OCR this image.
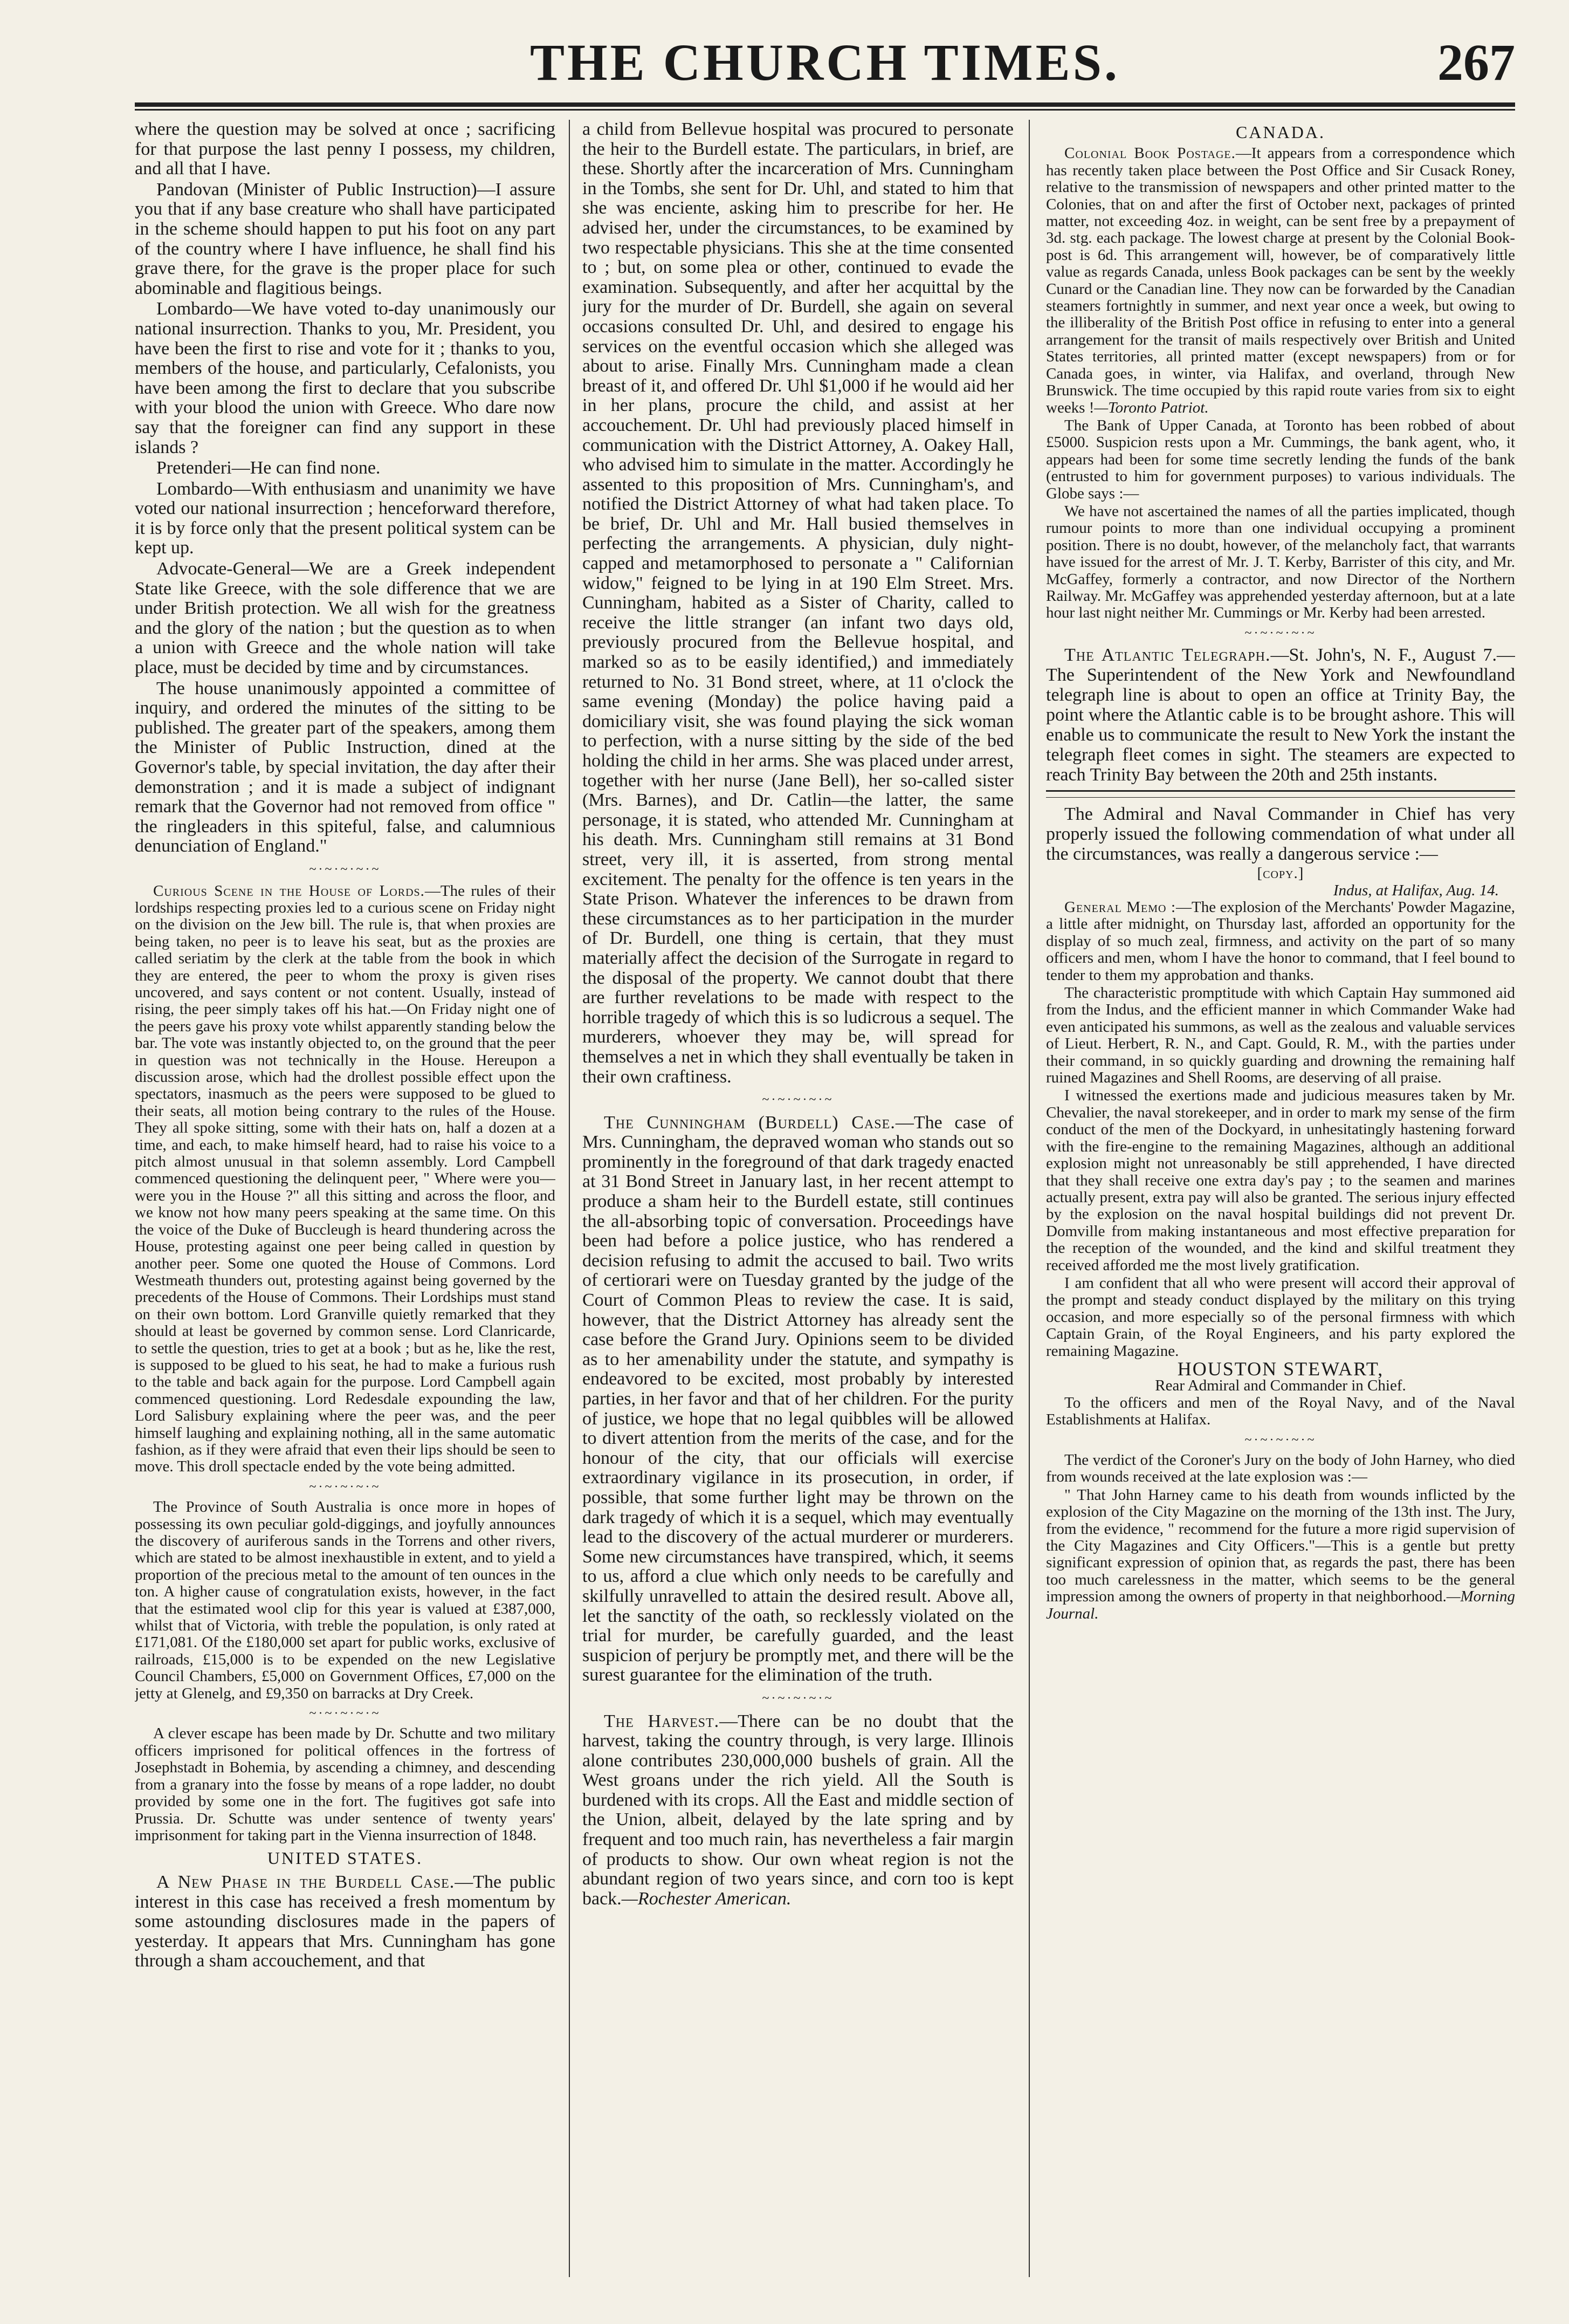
THE CHURCH TIMES.	267

where the question may be solved at once ; sacrificing for that purpose the last penny I possess, my children, and all that I have.

Pandovan (Minister of Public Instruction)—I assure you that if any base creature who shall have participated in the scheme should happen to put his foot on any part of the country where I have influence, he shall find his grave there, for the grave is the proper place for such abominable and flagitious beings.

Lombardo—We have voted to-day unanimously our national insurrection. Thanks to you, Mr. President, you have been the first to rise and vote for it ; thanks to you, members of the house, and particularly, Cefalonists, you have been among the first to declare that you subscribe with your blood the union with Greece. Who dare now say that the foreigner can find any support in these islands ?

Pretenderi—He can find none.

Lombardo—With enthusiasm and unanimity we have voted our national insurrection ; henceforward therefore, it is by force only that the present political system can be kept up.

Advocate-General—We are a Greek independent State like Greece, with the sole difference that we are under British protection. We all wish for the greatness and the glory of the nation ; but the question as to when a union with Greece and the whole nation will take place, must be decided by time and by circumstances.

The house unanimously appointed a committee of inquiry, and ordered the minutes of the sitting to be published. The greater part of the speakers, among them the Minister of Public Instruction, dined at the Governor's table, by special invitation, the day after their demonstration ; and it is made a subject of indignant remark that the Governor had not removed from office " the ringleaders in this spiteful, false, and calumnious denunciation of England."

~·~·~·~·~

Curious Scene in the House of Lords.—The rules of their lordships respecting proxies led to a curious scene on Friday night on the division on the Jew bill. The rule is, that when proxies are being taken, no peer is to leave his seat, but as the proxies are called seriatim by the clerk at the table from the book in which they are entered, the peer to whom the proxy is given rises uncovered, and says content or not content. Usually, instead of rising, the peer simply takes off his hat.—On Friday night one of the peers gave his proxy vote whilst apparently standing below the bar. The vote was instantly objected to, on the ground that the peer in question was not technically in the House. Hereupon a discussion arose, which had the drollest possible effect upon the spectators, inasmuch as the peers were supposed to be glued to their seats, all motion being contrary to the rules of the House. They all spoke sitting, some with their hats on, half a dozen at a time, and each, to make himself heard, had to raise his voice to a pitch almost unusual in that solemn assembly. Lord Campbell commenced questioning the delinquent peer, " Where were you—were you in the House ?" all this sitting and across the floor, and we know not how many peers speaking at the same time. On this the voice of the Duke of Buccleugh is heard thundering across the House, protesting against one peer being called in question by another peer. Some one quoted the House of Commons. Lord Westmeath thunders out, protesting against being governed by the precedents of the House of Commons. Their Lordships must stand on their own bottom. Lord Granville quietly remarked that they should at least be governed by common sense. Lord Clanricarde, to settle the question, tries to get at a book ; but as he, like the rest, is supposed to be glued to his seat, he had to make a furious rush to the table and back again for the purpose. Lord Campbell again commenced questioning. Lord Redesdale expounding the law, Lord Salisbury explaining where the peer was, and the peer himself laughing and explaining nothing, all in the same automatic fashion, as if they were afraid that even their lips should be seen to move. This droll spectacle ended by the vote being admitted.

~·~·~·~·~

The Province of South Australia is once more in hopes of possessing its own peculiar gold-diggings, and joyfully announces the discovery of auriferous sands in the Torrens and other rivers, which are stated to be almost inexhaustible in extent, and to yield a proportion of the precious metal to the amount of ten ounces in the ton. A higher cause of congratulation exists, however, in the fact that the estimated wool clip for this year is valued at £387,000, whilst that of Victoria, with treble the population, is only rated at £171,081. Of the £180,000 set apart for public works, exclusive of railroads, £15,000 is to be expended on the new Legislative Council Chambers, £5,000 on Government Offices, £7,000 on the jetty at Glenelg, and £9,350 on barracks at Dry Creek.

~·~·~·~·~

A clever escape has been made by Dr. Schutte and two military officers imprisoned for political offences in the fortress of Josephstadt in Bohemia, by ascending a chimney, and descending from a granary into the fosse by means of a rope ladder, no doubt provided by some one in the fort. The fugitives got safe into Prussia. Dr. Schutte was under sentence of twenty years' imprisonment for taking part in the Vienna insurrection of 1848.

UNITED STATES.

A New Phase in the Burdell Case.—The public interest in this case has received a fresh momentum by some astounding disclosures made in the papers of yesterday. It appears that Mrs. Cunningham has gone through a sham accouchement, and that

a child from Bellevue hospital was procured to personate the heir to the Burdell estate. The particulars, in brief, are these. Shortly after the incarceration of Mrs. Cunningham in the Tombs, she sent for Dr. Uhl, and stated to him that she was enciente, asking him to prescribe for her. He advised her, under the circumstances, to be examined by two respectable physicians. This she at the time consented to ; but, on some plea or other, continued to evade the examination. Subsequently, and after her acquittal by the jury for the murder of Dr. Burdell, she again on several occasions consulted Dr. Uhl, and desired to engage his services on the eventful occasion which she alleged was about to arise. Finally Mrs. Cunningham made a clean breast of it, and offered Dr. Uhl $1,000 if he would aid her in her plans, procure the child, and assist at her accouchement. Dr. Uhl had previously placed himself in communication with the District Attorney, A. Oakey Hall, who advised him to simulate in the matter. Accordingly he assented to this proposition of Mrs. Cunningham's, and notified the District Attorney of what had taken place. To be brief, Dr. Uhl and Mr. Hall busied themselves in perfecting the arrangements. A physician, duly night-capped and metamorphosed to personate a " Californian widow," feigned to be lying in at 190 Elm Street. Mrs. Cunningham, habited as a Sister of Charity, called to receive the little stranger (an infant two days old, previously procured from the Bellevue hospital, and marked so as to be easily identified,) and immediately returned to No. 31 Bond street, where, at 11 o'clock the same evening (Monday) the police having paid a domiciliary visit, she was found playing the sick woman to perfection, with a nurse sitting by the side of the bed holding the child in her arms. She was placed under arrest, together with her nurse (Jane Bell), her so-called sister (Mrs. Barnes), and Dr. Catlin—the latter, the same personage, it is stated, who attended Mr. Cunningham at his death. Mrs. Cunningham still remains at 31 Bond street, very ill, it is asserted, from strong mental excitement. The penalty for the offence is ten years in the State Prison. Whatever the inferences to be drawn from these circumstances as to her participation in the murder of Dr. Burdell, one thing is certain, that they must materially affect the decision of the Surrogate in regard to the disposal of the property. We cannot doubt that there are further revelations to be made with respect to the horrible tragedy of which this is so ludicrous a sequel. The murderers, whoever they may be, will spread for themselves a net in which they shall eventually be taken in their own craftiness.

~·~·~·~·~

The Cunningham (Burdell) Case.—The case of Mrs. Cunningham, the depraved woman who stands out so prominently in the foreground of that dark tragedy enacted at 31 Bond Street in January last, in her recent attempt to produce a sham heir to the Burdell estate, still continues the all-absorbing topic of conversation. Proceedings have been had before a police justice, who has rendered a decision refusing to admit the accused to bail. Two writs of certiorari were on Tuesday granted by the judge of the Court of Common Pleas to review the case. It is said, however, that the District Attorney has already sent the case before the Grand Jury. Opinions seem to be divided as to her amenability under the statute, and sympathy is endeavored to be excited, most probably by interested parties, in her favor and that of her children. For the purity of justice, we hope that no legal quibbles will be allowed to divert attention from the merits of the case, and for the honour of the city, that our officials will exercise extraordinary vigilance in its prosecution, in order, if possible, that some further light may be thrown on the dark tragedy of which it is a sequel, which may eventually lead to the discovery of the actual murderer or murderers. Some new circumstances have transpired, which, it seems to us, afford a clue which only needs to be carefully and skilfully unravelled to attain the desired result. Above all, let the sanctity of the oath, so recklessly violated on the trial for murder, be carefully guarded, and the least suspicion of perjury be promptly met, and there will be the surest guarantee for the elimination of the truth.

~·~·~·~·~

The Harvest.—There can be no doubt that the harvest, taking the country through, is very large. Illinois alone contributes 230,000,000 bushels of grain. All the West groans under the rich yield. All the South is burdened with its crops. All the East and middle section of the Union, albeit, delayed by the late spring and by frequent and too much rain, has nevertheless a fair margin of products to show. Our own wheat region is not the abundant region of two years since, and corn too is kept back.—Rochester American.

CANADA.

Colonial Book Postage.—It appears from a correspondence which has recently taken place between the Post Office and Sir Cusack Roney, relative to the transmission of newspapers and other printed matter to the Colonies, that on and after the first of October next, packages of printed matter, not exceeding 4oz. in weight, can be sent free by a prepayment of 3d. stg. each package. The lowest charge at present by the Colonial Book-post is 6d. This arrangement will, however, be of comparatively little value as regards Canada, unless Book packages can be sent by the weekly Cunard or the Canadian line. They now can be forwarded by the Canadian steamers fortnightly in summer, and next year once a week, but owing to the illiberality of the British Post office in refusing to enter into a general arrangement for the transit of mails respectively over British and United States territories, all printed matter (except newspapers) from or for Canada goes, in winter, via Halifax, and overland, through New Brunswick. The time occupied by this rapid route varies from six to eight weeks !—Toronto Patriot.

The Bank of Upper Canada, at Toronto has been robbed of about £5000. Suspicion rests upon a Mr. Cummings, the bank agent, who, it appears had been for some time secretly lending the funds of the bank (entrusted to him for government purposes) to various individuals. The Globe says :—

We have not ascertained the names of all the parties implicated, though rumour points to more than one individual occupying a prominent position. There is no doubt, however, of the melancholy fact, that warrants have issued for the arrest of Mr. J. T. Kerby, Barrister of this city, and Mr. McGaffey, formerly a contractor, and now Director of the Northern Railway. Mr. McGaffey was apprehended yesterday afternoon, but at a late hour last night neither Mr. Cummings or Mr. Kerby had been arrested.

~·~·~·~·~

The Atlantic Telegraph.—St. John's, N. F., August 7.—The Superintendent of the New York and Newfoundland telegraph line is about to open an office at Trinity Bay, the point where the Atlantic cable is to be brought ashore. This will enable us to communicate the result to New York the instant the telegraph fleet comes in sight. The steamers are expected to reach Trinity Bay between the 20th and 25th instants.

The Admiral and Naval Commander in Chief has very properly issued the following commendation of what under all the circumstances, was really a dangerous service :—

[copy.]
Indus, at Halifax, Aug. 14.

General Memo :—The explosion of the Merchants' Powder Magazine, a little after midnight, on Thursday last, afforded an opportunity for the display of so much zeal, firmness, and activity on the part of so many officers and men, whom I have the honor to command, that I feel bound to tender to them my approbation and thanks.

The characteristic promptitude with which Captain Hay summoned aid from the Indus, and the efficient manner in which Commander Wake had even anticipated his summons, as well as the zealous and valuable services of Lieut. Herbert, R. N., and Capt. Gould, R. M., with the parties under their command, in so quickly guarding and drowning the remaining half ruined Magazines and Shell Rooms, are deserving of all praise.

I witnessed the exertions made and judicious measures taken by Mr. Chevalier, the naval storekeeper, and in order to mark my sense of the firm conduct of the men of the Dockyard, in unhesitatingly hastening forward with the fire-engine to the remaining Magazines, although an additional explosion might not unreasonably be still apprehended, I have directed that they shall receive one extra day's pay ; to the seamen and marines actually present, extra pay will also be granted. The serious injury effected by the explosion on the naval hospital buildings did not prevent Dr. Domville from making instantaneous and most effective preparation for the reception of the wounded, and the kind and skilful treatment they received afforded me the most lively gratification.

I am confident that all who were present will accord their approval of the prompt and steady conduct displayed by the military on this trying occasion, and more especially so of the personal firmness with which Captain Grain, of the Royal Engineers, and his party explored the remaining Magazine.

HOUSTON STEWART,
Rear Admiral and Commander in Chief.

To the officers and men of the Royal Navy, and of the Naval Establishments at Halifax.

~·~·~·~·~

The verdict of the Coroner's Jury on the body of John Harney, who died from wounds received at the late explosion was :—

" That John Harney came to his death from wounds inflicted by the explosion of the City Magazine on the morning of the 13th inst. The Jury, from the evidence, " recommend for the future a more rigid supervision of the City Magazines and City Officers."—This is a gentle but pretty significant expression of opinion that, as regards the past, there has been too much carelessness in the matter, which seems to be the general impression among the owners of property in that neighborhood.—Morning Journal.
